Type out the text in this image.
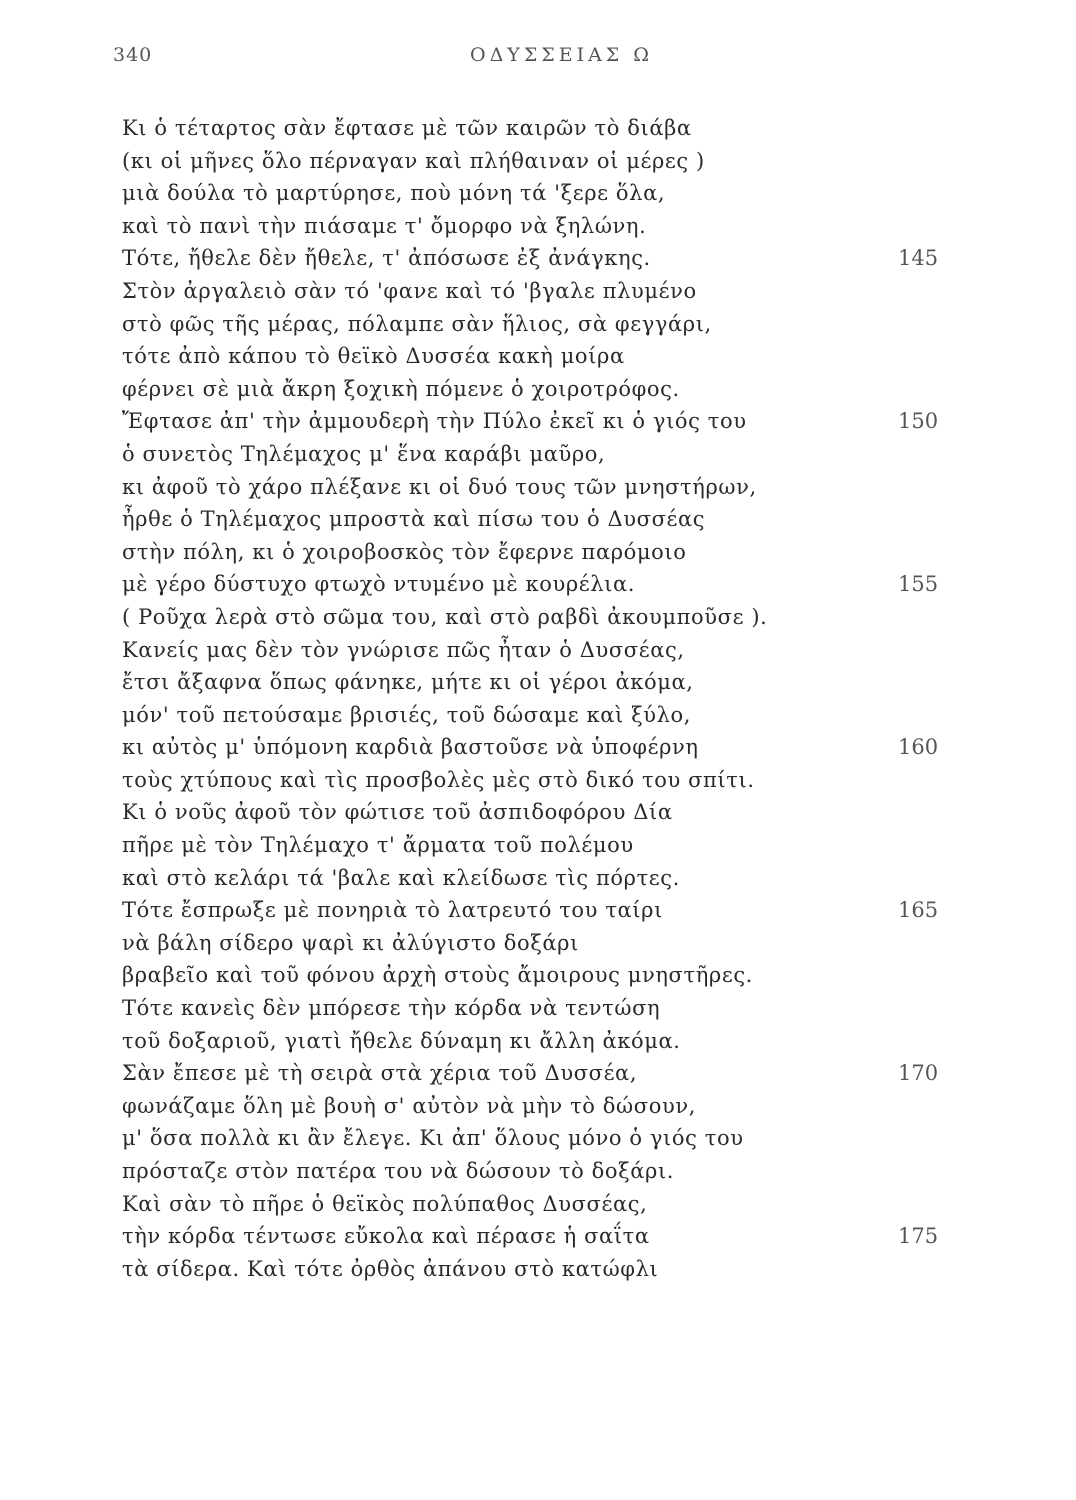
340	ΟΔΥΣΣΕΙΑΣ Ω
Κι ὁ τέταρτος σὰν ἔφτασε μὲ τῶν καιρῶν τὸ διάβα
(κι οἱ μῆνες ὅλο πέρναγαν καὶ πλήθαιναν οἱ μέρες )
μιὰ δούλα τὸ μαρτύρησε, ποὺ μόνη τά 'ξερε ὅλα,
καὶ τὸ πανὶ τὴν πιάσαμε τ' ὄμορφο νὰ ξηλώνη.
Τότε, ἤθελε δὲν ἤθελε, τ' ἀπόσωσε ἐξ ἀνάγκης.	145
Στὸν ἀργαλειὸ σὰν τό 'φανε καὶ τό 'βγαλε πλυμένο
στὸ φῶς τῆς μέρας, πόλαμπε σὰν ἥλιος, σὰ φεγγάρι,
τότε ἀπὸ κάπου τὸ θεϊκὸ Δυσσέα κακὴ μοίρα
φέρνει σὲ μιὰ ἄκρη ξοχικὴ πόμενε ὁ χοιροτρόφος.
Ἔφτασε ἀπ' τὴν ἀμμουδερὴ τὴν Πύλο ἐκεῖ κι ὁ γιός του	150
ὁ συνετὸς Τηλέμαχος μ' ἕνα καράβι μαῦρο,
κι ἀφοῦ τὸ χάρο πλέξανε κι οἱ δυό τους τῶν μνηστήρων,
ἦρθε ὁ Τηλέμαχος μπροστὰ καὶ πίσω του ὁ Δυσσέας
στὴν πόλη, κι ὁ χοιροβοσκὸς τὸν ἔφερνε παρόμοιο
μὲ γέρο δύστυχο φτωχὸ ντυμένο μὲ κουρέλια.	155
( Ροῦχα λερὰ στὸ σῶμα του, καὶ στὸ ραβδὶ ἀκουμποῦσε ).
Κανείς μας δὲν τὸν γνώρισε πῶς ἦταν ὁ Δυσσέας,
ἔτσι ἄξαφνα ὅπως φάνηκε, μήτε κι οἱ γέροι ἀκόμα,
μόν' τοῦ πετούσαμε βρισιές, τοῦ δώσαμε καὶ ξύλο,
κι αὐτὸς μ' ὑπόμονη καρδιὰ βαστοῦσε νὰ ὑποφέρνη	160
τοὺς χτύπους καὶ τὶς προσβολὲς μὲς στὸ δικό του σπίτι.
Κι ὁ νοῦς ἀφοῦ τὸν φώτισε τοῦ ἀσπιδοφόρου Δία
πῆρε μὲ τὸν Τηλέμαχο τ' ἄρματα τοῦ πολέμου
καὶ στὸ κελάρι τά 'βαλε καὶ κλείδωσε τὶς πόρτες.
Τότε ἔσπρωξε μὲ πονηριὰ τὸ λατρευτό του ταίρι	165
νὰ βάλη σίδερο ψαρὶ κι ἀλύγιστο δοξάρι
βραβεῖο καὶ τοῦ φόνου ἀρχὴ στοὺς ἄμοιρους μνηστῆρες.
Τότε κανεὶς δὲν μπόρεσε τὴν κόρδα νὰ τεντώση
τοῦ δοξαριοῦ, γιατὶ ἤθελε δύναμη κι ἄλλη ἀκόμα.
Σὰν ἔπεσε μὲ τὴ σειρὰ στὰ χέρια τοῦ Δυσσέα,	170
φωνάζαμε ὅλη μὲ βουὴ σ' αὐτὸν νὰ μὴν τὸ δώσουν,
μ' ὅσα πολλὰ κι ἂν ἔλεγε. Κι ἀπ' ὅλους μόνο ὁ γιός του
πρόσταζε στὸν πατέρα του νὰ δώσουν τὸ δοξάρι.
Καὶ σὰν τὸ πῆρε ὁ θεϊκὸς πολύπαθος Δυσσέας,
τὴν κόρδα τέντωσε εὔκολα καὶ πέρασε ἡ σαΐτα	175
τὰ σίδερα. Καὶ τότε ὀρθὸς ἀπάνου στὸ κατώφλι
